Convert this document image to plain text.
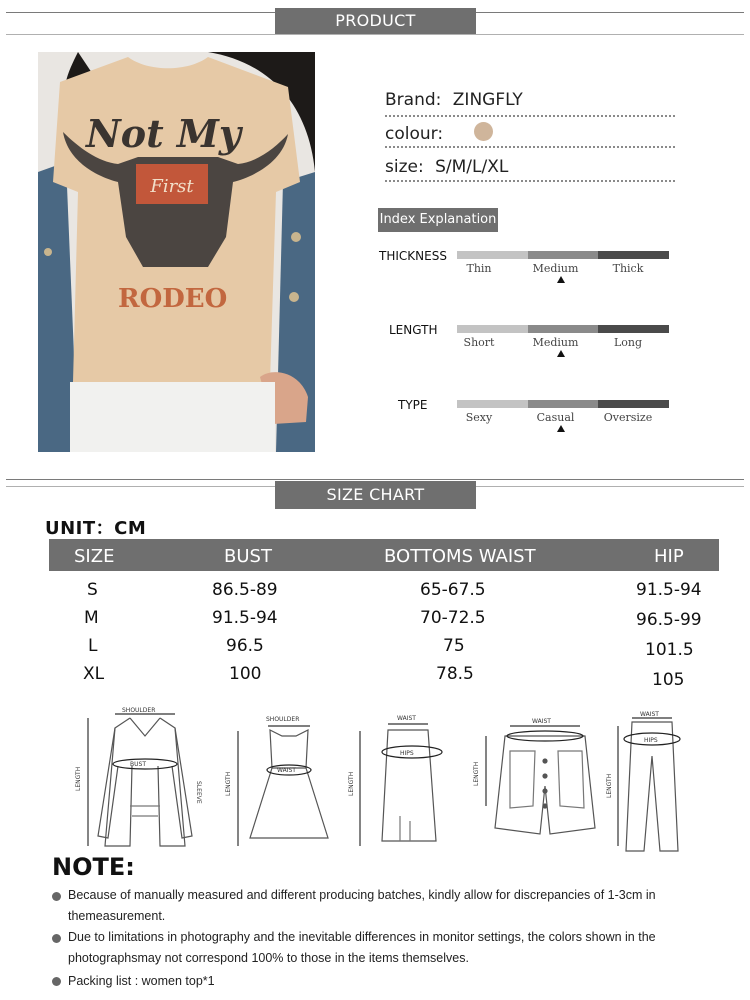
PRODUCT INFORMATION
Not My
First
RODEO
Brand: ZINGFLY
colour:
size: S/M/L/XL
Index Explanation
THICKNESS
Thin	Medium	Thick
LENGTH
Short	Medium	Long
TYPE
Sexy	Casual	Oversize
SIZE CHART
UNIT：CM
SIZE	BUST	BOTTOMS WAIST	HIP
S	86.5-89	65-67.5	91.5-94
M	91.5-94	70-72.5	96.5-99
L	96.5	75	101.5
XL	100	78.5	105
SHOULDER
LENGTH
BUST
SLEEVE
SHOULDER
LENGTH
WAIST
WAIST
LENGTH
HIPS
WAIST
LENGTH
WAIST
LENGTH
HIPS
NOTE:
Because of manually measured and different producing batches, kindly allow for discrepancies of 1-3cm in themeasurement.
Due to limitations in photography and the inevitable differences in monitor settings, the colors shown in the photographsmay not correspond 100% to those in the items themselves.
Packing list : women top*1
